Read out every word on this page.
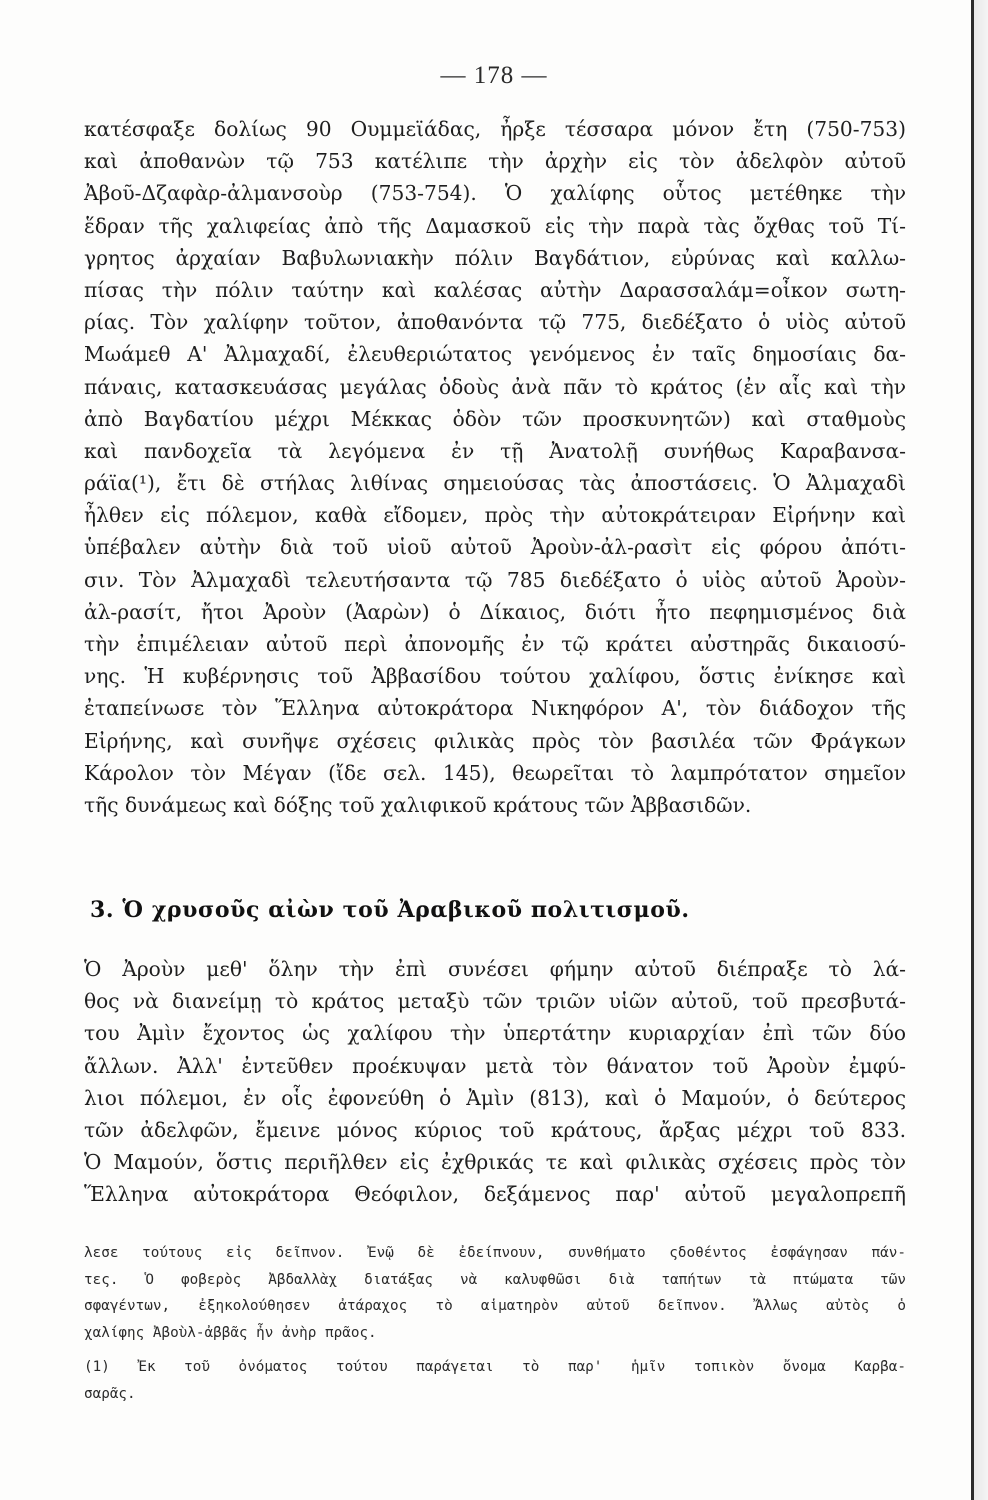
— 178 —
κατέσφαξε δολίως 90 Ουμμεϊάδας, ἦρξε τέσσαρα μόνον ἔτη (750-753)
καὶ ἀποθανὼν τῷ 753 κατέλιπε τὴν ἀρχὴν εἰς τὸν ἀδελφὸν αὐτοῦ
Ἀβοῦ-Δζαφὰρ-ἀλμανσοὺρ (753-754). Ὁ χαλίφης οὗτος μετέθηκε τὴν
ἕδραν τῆς χαλιφείας ἀπὸ τῆς Δαμασκοῦ εἰς τὴν παρὰ τὰς ὄχθας τοῦ Τί-
γρητος ἀρχαίαν Βαβυλωνιακὴν πόλιν Βαγδάτιον, εὐρύνας καὶ καλλω-
πίσας τὴν πόλιν ταύτην καὶ καλέσας αὐτὴν Δαρασσαλάμ=οἶκον σωτη-
ρίας. Τὸν χαλίφην τοῦτον, ἀποθανόντα τῷ 775, διεδέξατο ὁ υἱὸς αὐτοῦ
Μωάμεθ Α' Ἀλμαχαδί, ἐλευθεριώτατος γενόμενος ἐν ταῖς δημοσίαις δα-
πάναις, κατασκευάσας μεγάλας ὁδοὺς ἀνὰ πᾶν τὸ κράτος (ἐν αἷς καὶ τὴν
ἀπὸ Βαγδατίου μέχρι Μέκκας ὁδὸν τῶν προσκυνητῶν) καὶ σταθμοὺς
καὶ πανδοχεῖα τὰ λεγόμενα ἐν τῇ Ἀνατολῇ συνήθως Καραβανσα-
ράϊα(¹), ἔτι δὲ στήλας λιθίνας σημειούσας τὰς ἀποστάσεις. Ὁ Ἀλμαχαδὶ
ἦλθεν εἰς πόλεμον, καθὰ εἴδομεν, πρὸς τὴν αὐτοκράτειραν Εἰρήνην καὶ
ὑπέβαλεν αὐτὴν διὰ τοῦ υἱοῦ αὐτοῦ Ἀροὺν-ἀλ-ρασὶτ εἰς φόρου ἀπότι-
σιν. Τὸν Ἀλμαχαδὶ τελευτήσαντα τῷ 785 διεδέξατο ὁ υἱὸς αὐτοῦ Ἀροὺν-
ἀλ-ρασίτ, ἤτοι Ἀροὺν (Ἀαρὼν) ὁ Δίκαιος, διότι ἦτο πεφημισμένος διὰ
τὴν ἐπιμέλειαν αὐτοῦ περὶ ἀπονομῆς ἐν τῷ κράτει αὐστηρᾶς δικαιοσύ-
νης. Ἡ κυβέρνησις τοῦ Ἀββασίδου τούτου χαλίφου, ὅστις ἐνίκησε καὶ
ἐταπείνωσε τὸν Ἕλληνα αὐτοκράτορα Νικηφόρον Α', τὸν διάδοχον τῆς
Εἰρήνης, καὶ συνῆψε σχέσεις φιλικὰς πρὸς τὸν βασιλέα τῶν Φράγκων
Κάρολον τὸν Μέγαν (ἴδε σελ. 145), θεωρεῖται τὸ λαμπρότατον σημεῖον
τῆς δυνάμεως καὶ δόξης τοῦ χαλιφικοῦ κράτους τῶν Ἀββασιδῶν.
3. Ὁ χρυσοῦς αἰὼν τοῦ Ἀραβικοῦ πολιτισμοῦ.
Ὁ Ἀροὺν μεθ' ὅλην τὴν ἐπὶ συνέσει φήμην αὐτοῦ διέπραξε τὸ λά-
θος νὰ διανείμῃ τὸ κράτος μεταξὺ τῶν τριῶν υἱῶν αὐτοῦ, τοῦ πρεσβυτά-
του Ἀμὶν ἔχοντος ὡς χαλίφου τὴν ὑπερτάτην κυριαρχίαν ἐπὶ τῶν δύο
ἄλλων. Ἀλλ' ἐντεῦθεν προέκυψαν μετὰ τὸν θάνατον τοῦ Ἀροὺν ἐμφύ-
λιοι πόλεμοι, ἐν οἷς ἐφονεύθη ὁ Ἀμὶν (813), καὶ ὁ Μαμούν, ὁ δεύτερος
τῶν ἀδελφῶν, ἔμεινε μόνος κύριος τοῦ κράτους, ἄρξας μέχρι τοῦ 833.
Ὁ Μαμούν, ὅστις περιῆλθεν εἰς ἐχθρικάς τε καὶ φιλικὰς σχέσεις πρὸς τὸν
Ἕλληνα αὐτοκράτορα Θεόφιλον, δεξάμενος παρ' αὐτοῦ μεγαλοπρεπῆ
λεσε τούτους εἰς δεῖπνον. Ἐνῷ δὲ ἐδείπνουν, συνθήματο ςδοθέντος ἐσφάγησαν πάν-
τες. Ὁ φοβερὸς Ἀβδαλλὰχ διατάξας νὰ καλυφθῶσι διὰ ταπήτων τὰ πτώματα τῶν
σφαγέντων, ἐξηκολούθησεν ἀτάραχος τὸ αἱματηρὸν αὐτοῦ δεῖπνον. Ἄλλως αὐτὸς ὁ
χαλίφης Ἀβοὺλ-ἀββᾶς ἦν ἀνὴρ πρᾶος.
(1) Ἐκ τοῦ ὀνόματος τούτου παράγεται τὸ παρ' ἡμῖν τοπικὸν ὄνομα Καρβα-
σαρᾶς.
